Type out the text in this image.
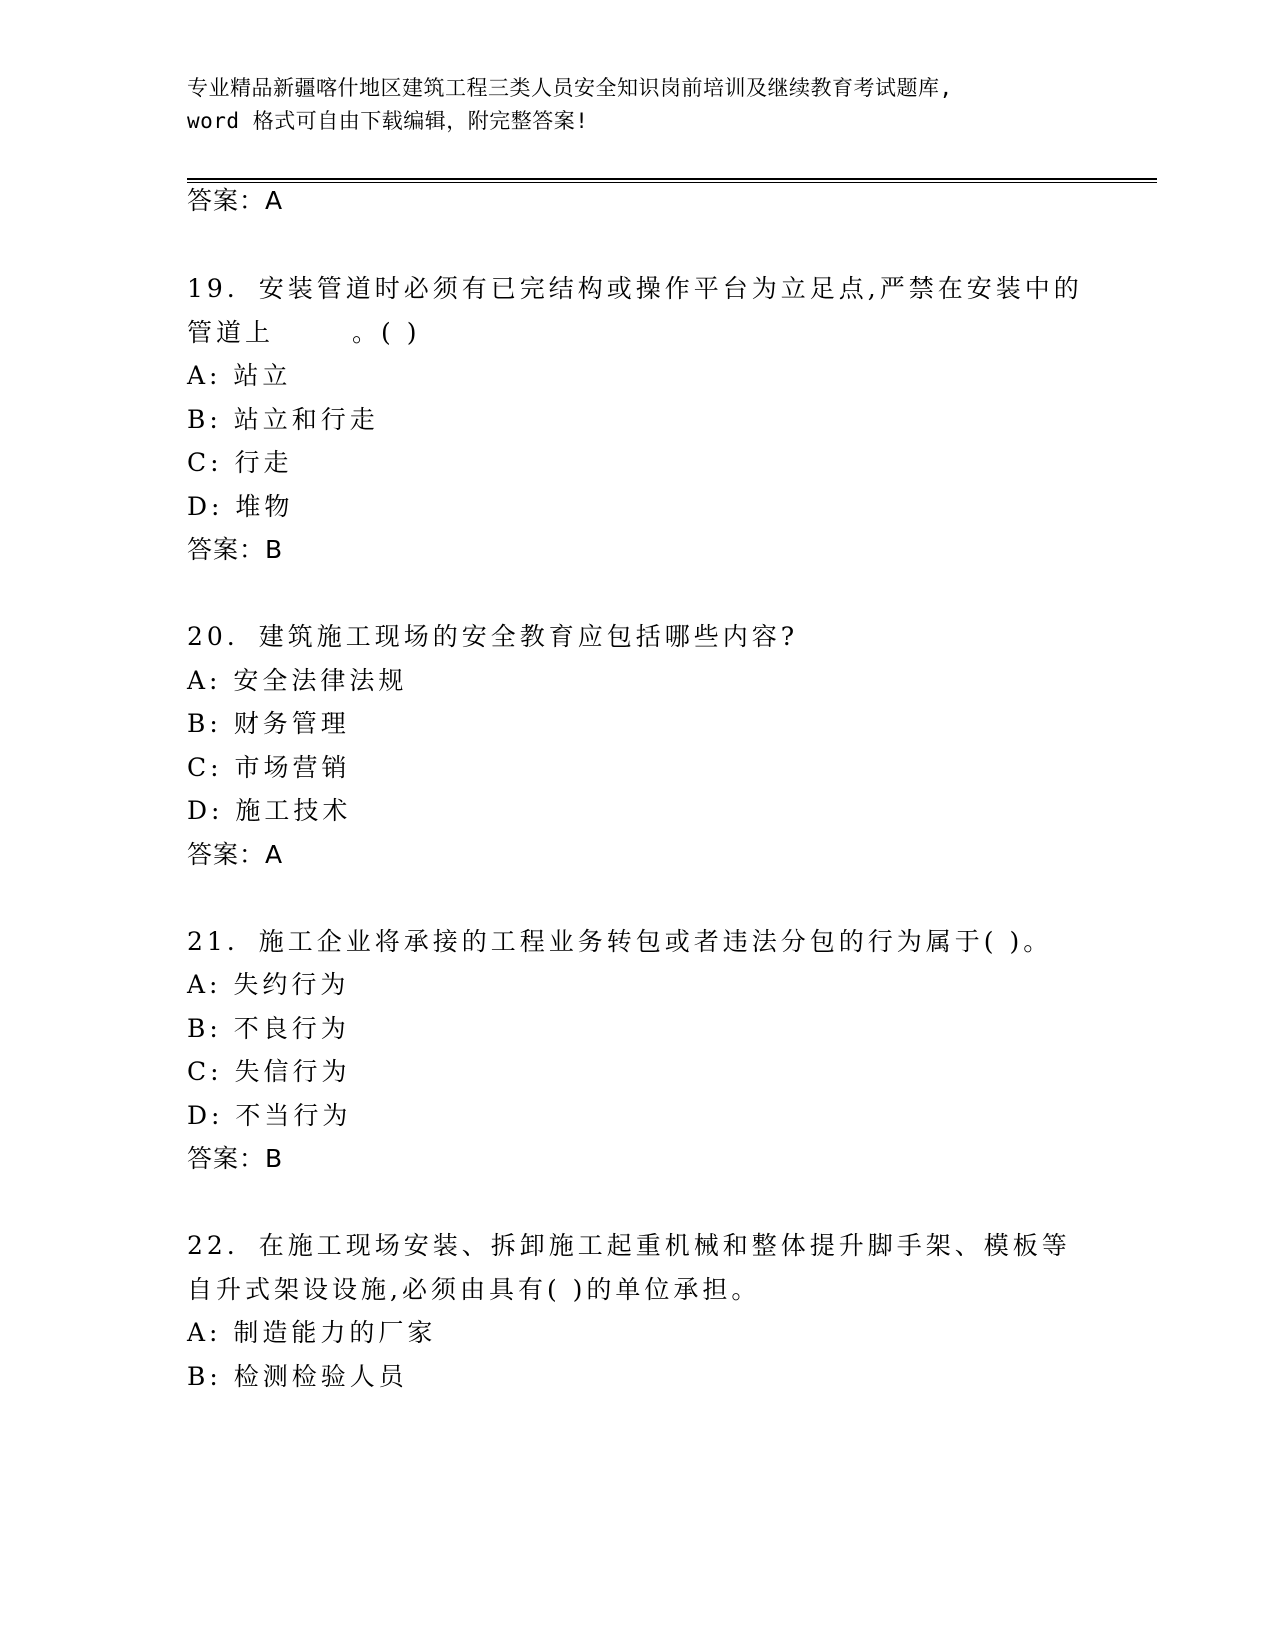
专业精品新疆喀什地区建筑工程三类人员安全知识岗前培训及继续教育考试题库,
word 格式可自由下载编辑，附完整答案!
答案：A
19. 安装管道时必须有已完结构或操作平台为立足点,严禁在安装中的
管道上	。( )
A: 站立
B: 站立和行走
C: 行走
D: 堆物
答案：B
20. 建筑施工现场的安全教育应包括哪些内容?
A: 安全法律法规
B: 财务管理
C: 市场营销
D: 施工技术
答案：A
21. 施工企业将承接的工程业务转包或者违法分包的行为属于( )。
A: 失约行为
B: 不良行为
C: 失信行为
D: 不当行为
答案：B
22. 在施工现场安装、拆卸施工起重机械和整体提升脚手架、模板等
自升式架设设施,必须由具有( )的单位承担。
A: 制造能力的厂家
B: 检测检验人员
